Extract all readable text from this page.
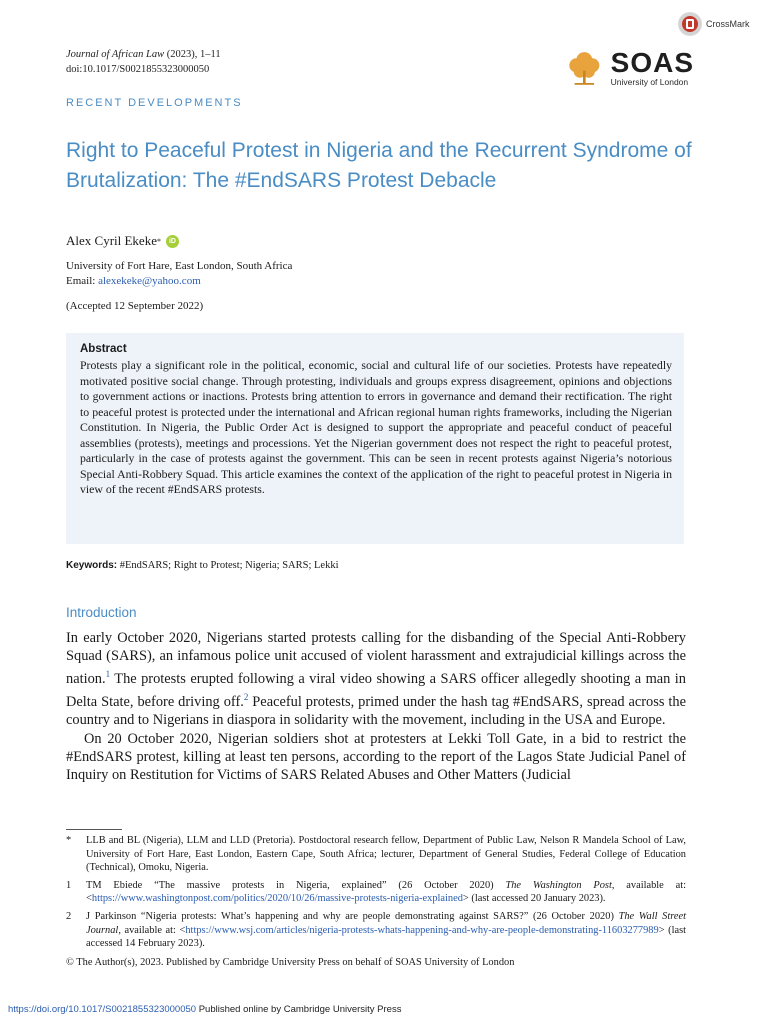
Journal of African Law (2023), 1–11
doi:10.1017/S0021855323000050
CrossMark
SOAS
University of London
RECENT DEVELOPMENTS
Right to Peaceful Protest in Nigeria and the Recurrent Syndrome of Brutalization: The #EndSARS Protest Debacle
Alex Cyril Ekeke *	iD
University of Fort Hare, East London, South Africa
Email: alexekeke@yahoo.com
(Accepted 12 September 2022)
Abstract
Protests play a significant role in the political, economic, social and cultural life of our societies. Protests have repeatedly motivated positive social change. Through protesting, individuals and groups express disagreement, opinions and objections to government actions or inactions. Protests bring attention to errors in governance and demand their rectification. The right to peaceful protest is protected under the international and African regional human rights frameworks, including the Nigerian Constitution. In Nigeria, the Public Order Act is designed to support the appropriate and peaceful conduct of peaceful assemblies (protests), meetings and processions. Yet the Nigerian government does not respect the right to peaceful protest, particularly in the case of protests against the government. This can be seen in recent protests against Nigeria’s notorious Special Anti-Robbery Squad. This article examines the context of the application of the right to peaceful protest in Nigeria in view of the recent #EndSARS protests.
Keywords: #EndSARS; Right to Protest; Nigeria; SARS; Lekki
Introduction

In early October 2020, Nigerians started protests calling for the disbanding of the Special Anti-Robbery Squad (SARS), an infamous police unit accused of violent harassment and extrajudicial killings across the nation.$^1$ The protests erupted following a viral video showing a SARS officer allegedly shooting a man in Delta State, before driving off.$^2$ Peaceful protests, primed under the hash tag #EndSARS, spread across the country and to Nigerians in diaspora in solidarity with the movement, including in the USA and Europe.

On 20 October 2020, Nigerian soldiers shot at protesters at Lekki Toll Gate, in a bid to restrict the #EndSARS protest, killing at least ten persons, according to the report of the Lagos State Judicial Panel of Inquiry on Restitution for Victims of SARS Related Abuses and Other Matters (Judicial

*	LLB and BL (Nigeria), LLM and LLD (Pretoria). Postdoctoral research fellow, Department of Public Law, Nelson R Mandela School of Law, University of Fort Hare, East London, Eastern Cape, South Africa; lecturer, Department of General Studies, Federal College of Education (Technical), Omoku, Nigeria.
1	TM Ebiede “The massive protests in Nigeria, explained” (26 October 2020) The Washington Post, available at: <https://www.washingtonpost.com/politics/2020/10/26/massive-protests-nigeria-explained> (last accessed 20 January 2023).
2	J Parkinson “Nigeria protests: What’s happening and why are people demonstrating against SARS?” (26 October 2020) The Wall Street Journal, available at: <https://www.wsj.com/articles/nigeria-protests-whats-happening-and-why-are-people-demonstrating-11603277989> (last accessed 14 February 2023).
© The Author(s), 2023. Published by Cambridge University Press on behalf of SOAS University of London
https://doi.org/10.1017/S0021855323000050 Published online by Cambridge University Press
